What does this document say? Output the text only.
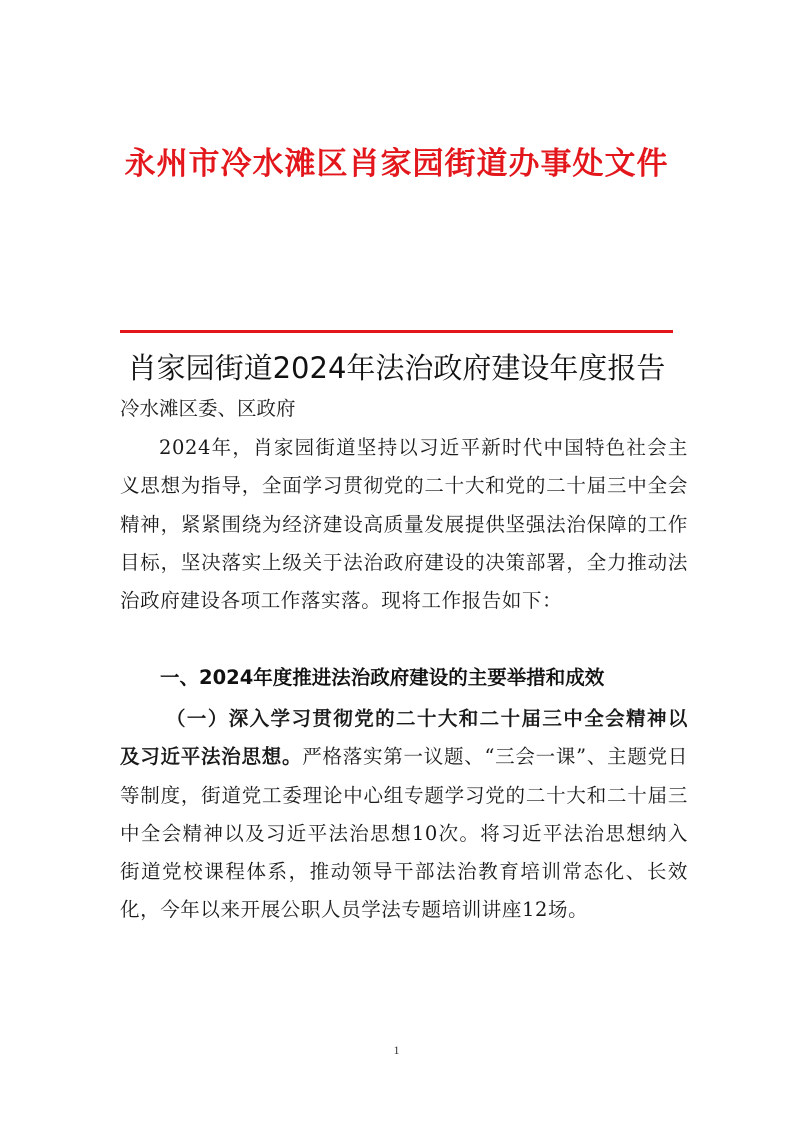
永州市冷水滩区肖家园街道办事处文件
肖家园街道2024年法治政府建设年度报告
冷水滩区委、区政府
2024年，肖家园街道坚持以习近平新时代中国特色社会主义思想为指导，全面学习贯彻党的二十大和党的二十届三中全会精神，紧紧围绕为经济建设高质量发展提供坚强法治保障的工作目标，坚决落实上级关于法治政府建设的决策部署，全力推动法治政府建设各项工作落实落。现将工作报告如下：
一、2024年度推进法治政府建设的主要举措和成效
（一）深入学习贯彻党的二十大和二十届三中全会精神以及习近平法治思想。严格落实第一议题、“三会一课”、主题党日等制度，街道党工委理论中心组专题学习党的二十大和二十届三中全会精神以及习近平法治思想10次。将习近平法治思想纳入街道党校课程体系，推动领导干部法治教育培训常态化、长效化，今年以来开展公职人员学法专题培训讲座12场。
1
